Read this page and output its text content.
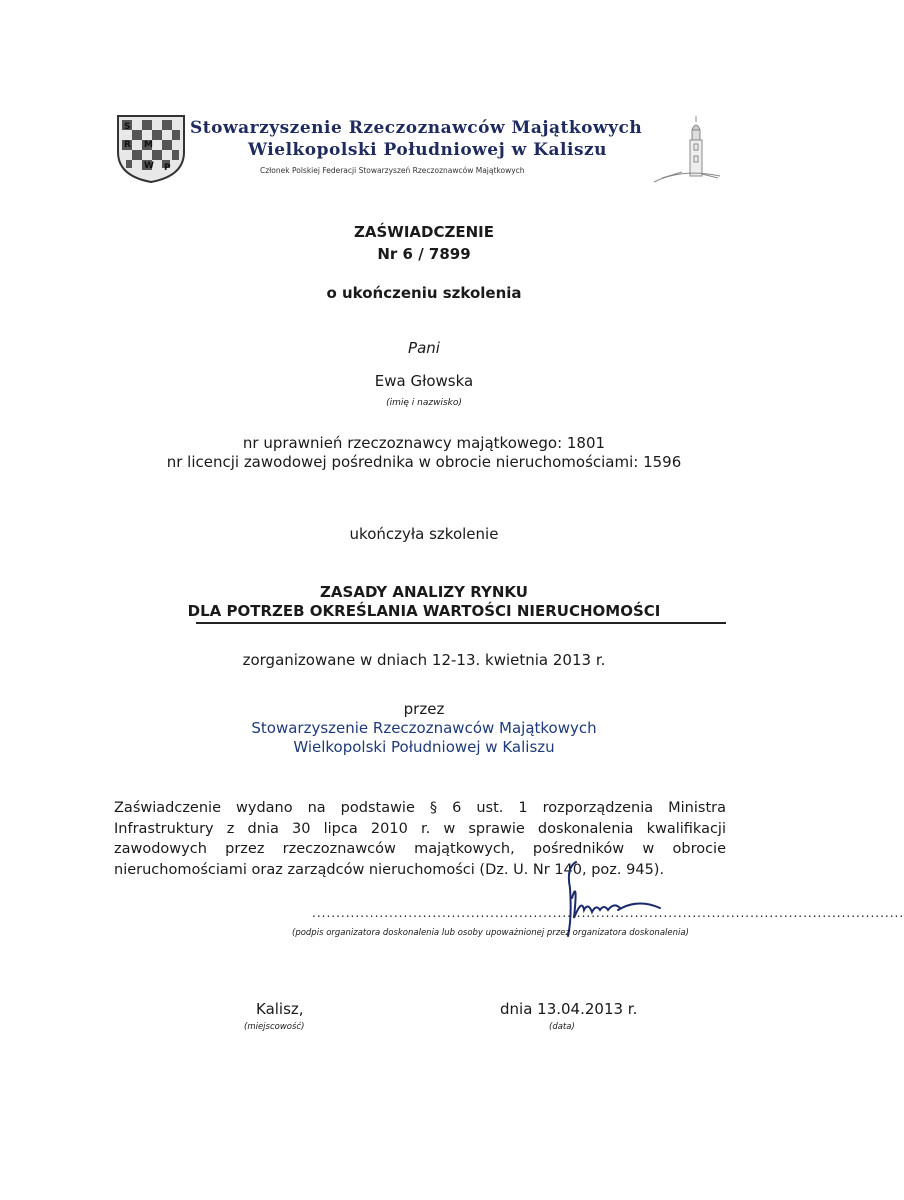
S
R M
W P
Stowarzyszenie Rzeczoznawców Majątkowych
Wielkopolski Południowej w Kaliszu
Członek Polskiej Federacji Stowarzyszeń Rzeczoznawców Majątkowych
ZAŚWIADCZENIE
Nr 6 / 7899
o ukończeniu szkolenia
Pani
Ewa Głowska
(imię i nazwisko)
nr uprawnień rzeczoznawcy majątkowego: 1801
nr licencji zawodowej pośrednika w obrocie nieruchomościami: 1596
ukończyła szkolenie
ZASADY ANALIZY RYNKU
DLA POTRZEB OKREŚLANIA WARTOŚCI NIERUCHOMOŚCI
zorganizowane w dniach 12-13. kwietnia 2013 r.
przez
Stowarzyszenie Rzeczoznawców Majątkowych
Wielkopolski Południowej w Kaliszu

Zaświadczenie wydano na podstawie § 6 ust. 1 rozporządzenia Ministra Infrastruktury z dnia 30 lipca 2010 r. w sprawie doskonalenia kwalifikacji zawodowych przez rzeczoznawców majątkowych, pośredników w obrocie nieruchomościami oraz zarządców nieruchomości (Dz. U. Nr 140, poz. 945).

...........................................................................................................................
(podpis organizatora doskonalenia lub osoby upoważnionej przez organizatora doskonalenia)
Kalisz,
(miejscowość)
dnia 13.04.2013 r.
(data)
